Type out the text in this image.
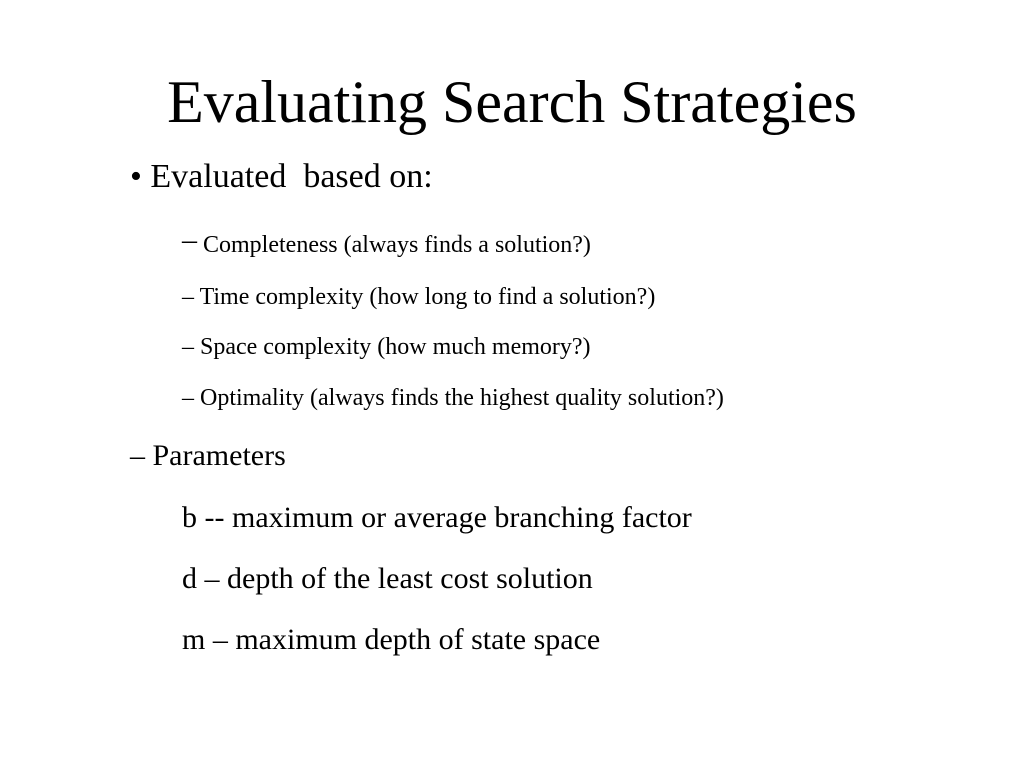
Evaluating Search Strategies
• Evaluated  based on:
– Completeness (always finds a solution?)
– Time complexity (how long to find a solution?)
– Space complexity (how much memory?)
– Optimality (always finds the highest quality solution?)
– Parameters
b -- maximum or average branching factor
d – depth of the least cost solution
m – maximum depth of state space
